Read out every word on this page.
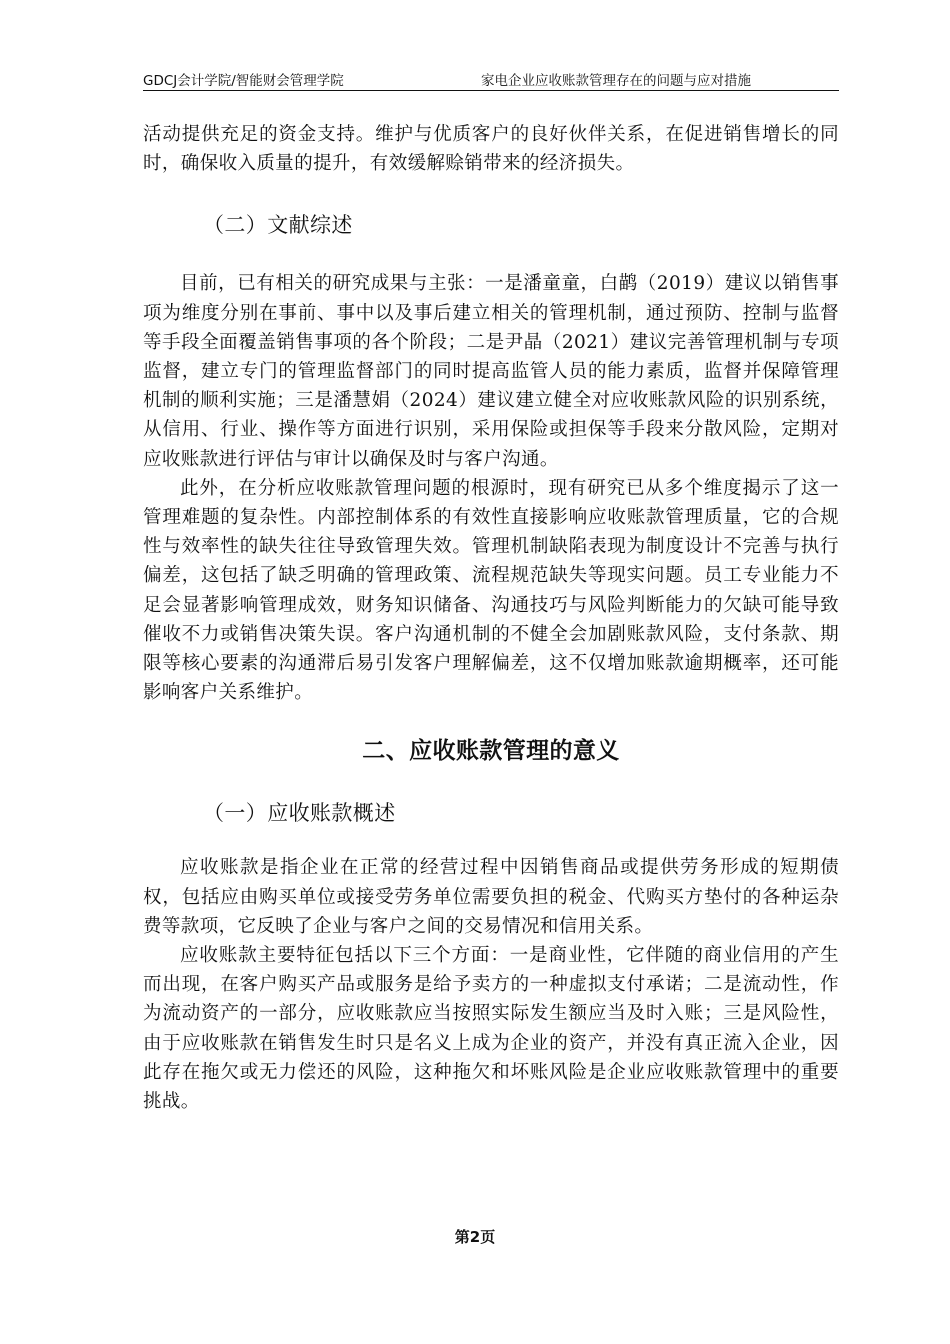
GDCJ会计学院/智能财会管理学院	家电企业应收账款管理存在的问题与应对措施

活动提供充足的资金支持。维护与优质客户的良好伙伴关系，在促进销售增长的同时，确保收入质量的提升，有效缓解赊销带来的经济损失。

（二）文献综述

目前，已有相关的研究成果与主张：一是潘童童，白鹋（2019）建议以销售事项为维度分别在事前、事中以及事后建立相关的管理机制，通过预防、控制与监督等手段全面覆盖销售事项的各个阶段；二是尹晶（2021）建议完善管理机制与专项监督，建立专门的管理监督部门的同时提高监管人员的能力素质，监督并保障管理机制的顺利实施；三是潘慧娟（2024）建议建立健全对应收账款风险的识别系统，从信用、行业、操作等方面进行识别，采用保险或担保等手段来分散风险，定期对应收账款进行评估与审计以确保及时与客户沟通。

此外，在分析应收账款管理问题的根源时，现有研究已从多个维度揭示了这一管理难题的复杂性。内部控制体系的有效性直接影响应收账款管理质量，它的合规性与效率性的缺失往往导致管理失效。管理机制缺陷表现为制度设计不完善与执行偏差，这包括了缺乏明确的管理政策、流程规范缺失等现实问题。员工专业能力不足会显著影响管理成效，财务知识储备、沟通技巧与风险判断能力的欠缺可能导致催收不力或销售决策失误。客户沟通机制的不健全会加剧账款风险，支付条款、期限等核心要素的沟通滞后易引发客户理解偏差，这不仅增加账款逾期概率，还可能影响客户关系维护。

二、应收账款管理的意义

（一）应收账款概述

应收账款是指企业在正常的经营过程中因销售商品或提供劳务形成的短期债权，包括应由购买单位或接受劳务单位需要负担的税金、代购买方垫付的各种运杂费等款项，它反映了企业与客户之间的交易情况和信用关系。

应收账款主要特征包括以下三个方面：一是商业性，它伴随的商业信用的产生而出现，在客户购买产品或服务是给予卖方的一种虚拟支付承诺；二是流动性，作为流动资产的一部分，应收账款应当按照实际发生额应当及时入账；三是风险性，由于应收账款在销售发生时只是名义上成为企业的资产，并没有真正流入企业，因此存在拖欠或无力偿还的风险，这种拖欠和坏账风险是企业应收账款管理中的重要挑战。

第2页
